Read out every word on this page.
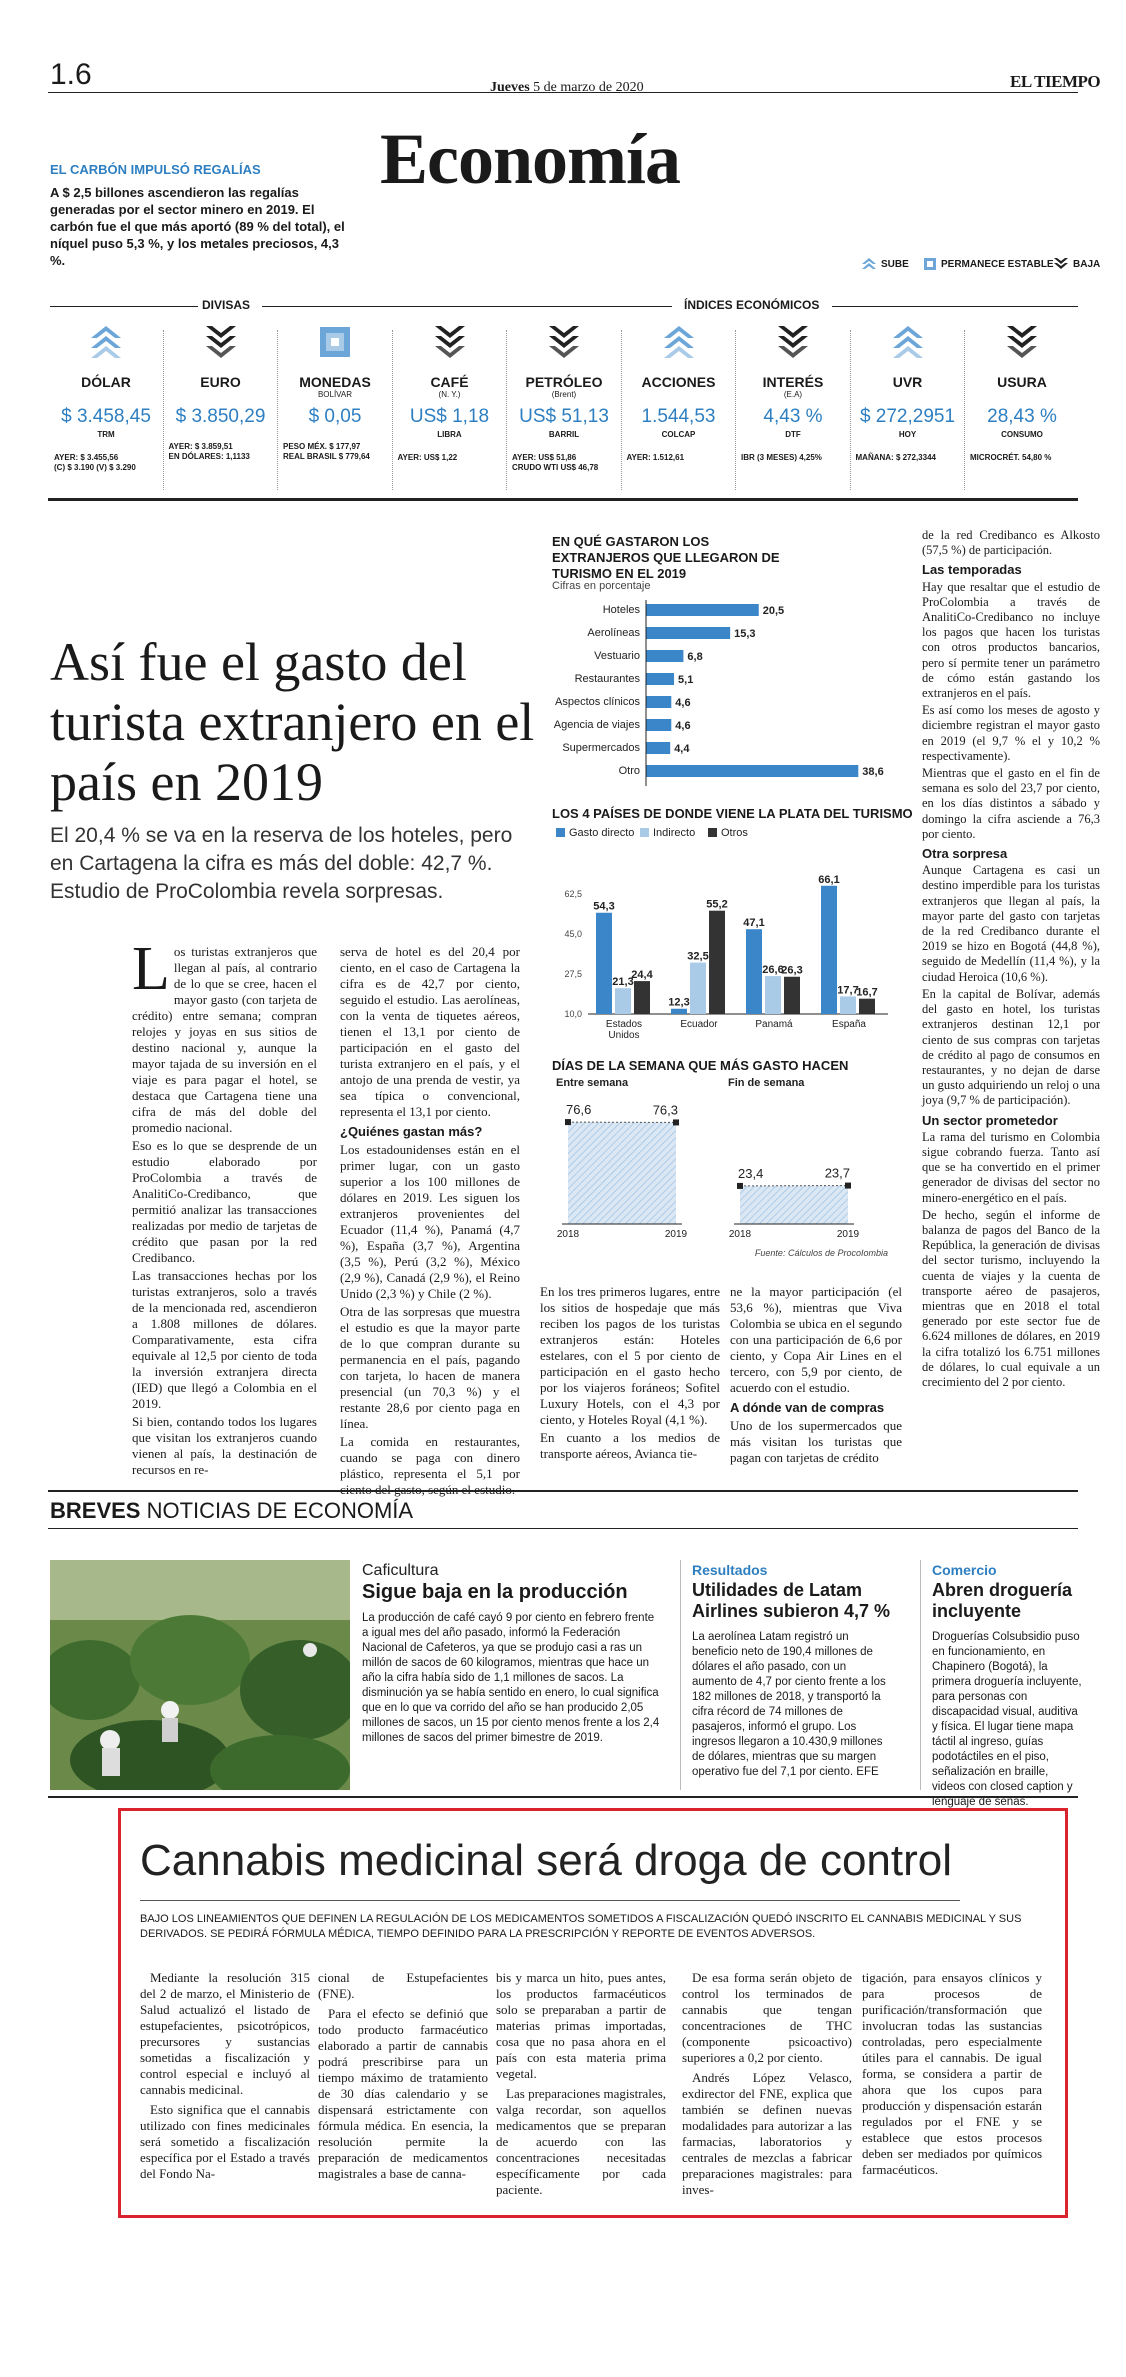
1.6	Jueves 5 de marzo de 2020	EL TIEMPO
Economía
EL CARBÓN IMPULSÓ REGALÍAS
A $ 2,5 billones ascendieron las regalías generadas por el sector minero en 2019. El carbón fue el que más aportó (89 % del total), el níquel puso 5,3 %, y los metales preciosos, 4,3 %.	SUBE	PERMANECE ESTABLE BAJA
DIVISAS	ÍNDICES ECONÓMICOS
DÓLAR
$ 3.458,45
TRM
AYER: $ 3.455,56
(C) $ 3.190 (V) $ 3.290
EURO
$ 3.850,29
AYER: $ 3.859,51
EN DÓLARES: 1,1133
MONEDAS
BOLÍVAR
$ 0,05
PESO MÉX. $ 177,97
REAL BRASIL $ 779,64
CAFÉ
(N. Y.)
US$ 1,18
LIBRA
AYER: US$ 1,22
PETRÓLEO
(Brent)
US$ 51,13
BARRIL
AYER: US$ 51,86
CRUDO WTI US$ 46,78
ACCIONES
1.544,53
COLCAP
AYER: 1.512,61
INTERÉS
(E.A)
4,43 %
DTF
IBR (3 MESES) 4,25%
UVR
$ 272,2951
HOY
MAÑANA: $ 272,3344
USURA
28,43 %
CONSUMO
MICROCRÉT. 54,80 %
Así fue el gasto del turista extranjero en el país en 2019
El 20,4 % se va en la reserva de los hoteles, pero en Cartagena la cifra es más del doble: 42,7 %. Estudio de ProColombia revela sorpresas.
L os turistas extranjeros que llegan al país, al contrario de lo que se cree, hacen el mayor gasto (con tarjeta de crédito) entre semana; compran relojes y joyas en sus sitios de destino nacional y, aunque la mayor tajada de su inversión en el viaje es para pagar el hotel, se destaca que Cartagena tiene una cifra de más del doble del promedio nacional.

Eso es lo que se desprende de un estudio elaborado por ProColombia a través de AnalitiCo-Credibanco, que permitió analizar las transacciones realizadas por medio de tarjetas de crédito que pasan por la red Credibanco.

Las transacciones hechas por los turistas extranjeros, solo a través de la mencionada red, ascendieron a 1.808 millones de dólares. Comparativamente, esta cifra equivale al 12,5 por ciento de toda la inversión extranjera directa (IED) que llegó a Colombia en el 2019.

Si bien, contando todos los lugares que visitan los extranjeros cuando vienen al país, la destinación de recursos en re-

serva de hotel es del 20,4 por ciento, en el caso de Cartagena la cifra es de 42,7 por ciento, seguido el estudio. Las aerolíneas, con la venta de tiquetes aéreos, tienen el 13,1 por ciento de participación en el gasto del turista extranjero en el país, y el antojo de una prenda de vestir, ya sea típica o convencional, representa el 13,1 por ciento.

¿Quiénes gastan más?

Los estadounidenses están en el primer lugar, con un gasto superior a los 100 millones de dólares en 2019. Les siguen los extranjeros provenientes del Ecuador (11,4 %), Panamá (4,7 %), España (3,7 %), Argentina (3,5 %), Perú (3,2 %), México (2,9 %), Canadá (2,9 %), el Reino Unido (2,3 %) y Chile (2 %).

Otra de las sorpresas que muestra el estudio es que la mayor parte de lo que compran durante su permanencia en el país, pagando con tarjeta, lo hacen de manera presencial (un 70,3 %) y el restante 28,6 por ciento paga en línea.

La comida en restaurantes, cuando se paga con dinero plástico, representa el 5,1 por ciento del gasto, según el estudio.

En los tres primeros lugares, entre los sitios de hospedaje que más reciben los pagos de los turistas extranjeros están: Hoteles estelares, con el 5 por ciento de participación en el gasto hecho por los viajeros foráneos; Sofitel Luxury Hotels, con el 4,3 por ciento, y Hoteles Royal (4,1 %).

En cuanto a los medios de transporte aéreos, Avianca tie-

ne la mayor participación (el 53,6 %), mientras que Viva Colombia se ubica en el segundo con una participación de 6,6 por ciento, y Copa Air Lines en el tercero, con 5,9 por ciento, de acuerdo con el estudio.

A dónde van de compras

Uno de los supermercados que más visitan los turistas que pagan con tarjetas de crédito

de la red Credibanco es Alkosto (57,5 %) de participación.

Las temporadas

Hay que resaltar que el estudio de ProColombia a través de AnalitiCo-Credibanco no incluye los pagos que hacen los turistas con otros productos bancarios, pero sí permite tener un parámetro de cómo están gastando los extranjeros en el país.

Es así como los meses de agosto y diciembre registran el mayor gasto en 2019 (el 9,7 % el y 10,2 % respectivamente).

Mientras que el gasto en el fin de semana es solo del 23,7 por ciento, en los días distintos a sábado y domingo la cifra asciende a 76,3 por ciento.

Otra sorpresa

Aunque Cartagena es casi un destino imperdible para los turistas extranjeros que llegan al país, la mayor parte del gasto con tarjetas de la red Credibanco durante el 2019 se hizo en Bogotá (44,8 %), seguido de Medellín (11,4 %), y la ciudad Heroica (10,6 %).

En la capital de Bolívar, además del gasto en hotel, los turistas extranjeros destinan 12,1 por ciento de sus compras con tarjetas de crédito al pago de consumos en restaurantes, y no dejan de darse un gusto adquiriendo un reloj o una joya (9,7 % de participación).

Un sector prometedor

La rama del turismo en Colombia sigue cobrando fuerza. Tanto así que se ha convertido en el primer generador de divisas del sector no minero-energético en el país.

De hecho, según el informe de balanza de pagos del Banco de la República, la generación de divisas del sector turismo, incluyendo la cuenta de viajes y la cuenta de transporte aéreo de pasajeros, mientras que en 2018 el total generado por este sector fue de 6.624 millones de dólares, en 2019 la cifra totalizó los 6.751 millones de dólares, lo cual equivale a un crecimiento del 2 por ciento.

EN QUÉ GASTARON LOS EXTRANJEROS QUE LLEGARON DE TURISMO EN EL 2019
Cifras en porcentaje
Hoteles	20,5
Aerolíneas	15,3
Vestuario	6,8
Restaurantes	5,1
Aspectos clínicos	4,6
Agencia de viajes	4,6
Supermercados	4,4
Otro	38,6
LOS 4 PAÍSES DE DONDE VIENE LA PLATA DEL TURISMO
Gasto directo Indirecto Otros
10,0
27,5
45,0
62,5
54,3
21,3
24,4
Estados
Unidos
12,3
32,5
55,2
Ecuador
47,1
26,6
26,3
Panamá
66,1
17,7
16,7
España
DÍAS DE LA SEMANA QUE MÁS GASTO HACEN
Entre semana
76,6
2018
76,3
2019
Fin de semana
23,4
2018
23,7
2019
Fuente: Cálculos de ProcoIombia
BREVES NOTICIAS DE ECONOMÍA
Caficultura
Sigue baja en la producción
La producción de café cayó 9 por ciento en febrero frente a igual mes del año pasado, informó la Federación Nacional de Cafeteros, ya que se produjo casi a ras un millón de sacos de 60 kilogramos, mientras que hace un año la cifra había sido de 1,1 millones de sacos. La disminución ya se había sentido en enero, lo cual significa que en lo que va corrido del año se han producido 2,05 millones de sacos, un 15 por ciento menos frente a los 2,4 millones de sacos del primer bimestre de 2019.
Resultados
Utilidades de Latam Airlines subieron 4,7 %
La aerolínea Latam registró un beneficio neto de 190,4 millones de dólares el año pasado, con un aumento de 4,7 por ciento frente a los 182 millones de 2018, y transportó la cifra récord de 74 millones de pasajeros, informó el grupo. Los ingresos llegaron a 10.430,9 millones de dólares, mientras que su margen operativo fue del 7,1 por ciento. EFE
Comercio
Abren droguería incluyente
Droguerías Colsubsidio puso en funcionamiento, en Chapinero (Bogotá), la primera droguería incluyente, para personas con discapacidad visual, auditiva y física. El lugar tiene mapa táctil al ingreso, guías podotáctiles en el piso, señalización en braille, videos con closed caption y lenguaje de señas.
Cannabis medicinal será droga de control
BAJO LOS LINEAMIENTOS QUE DEFINEN LA REGULACIÓN DE LOS MEDICAMENTOS SOMETIDOS A FISCALIZACIÓN QUEDÓ INSCRITO EL CANNABIS MEDICINAL Y SUS DERIVADOS. SE PEDIRÁ FÓRMULA MÉDICA, TIEMPO DEFINIDO PARA LA PRESCRIPCIÓN Y REPORTE DE EVENTOS ADVERSOS.

Mediante la resolución 315 del 2 de marzo, el Ministerio de Salud actualizó el listado de estupefacientes, psicotrópicos, precursores y sustancias sometidas a fiscalización y control especial e incluyó al cannabis medicinal.

Esto significa que el cannabis utilizado con fines medicinales será sometido a fiscalización específica por el Estado a través del Fondo Na-

cional de Estupefacientes (FNE).

Para el efecto se definió que todo producto farmacéutico elaborado a partir de cannabis podrá prescribirse para un tiempo máximo de tratamiento de 30 días calendario y se dispensará estrictamente con fórmula médica. En esencia, la resolución permite la preparación de medicamentos magistrales a base de canna-

bis y marca un hito, pues antes, los productos farmacéuticos solo se preparaban a partir de materias primas importadas, cosa que no pasa ahora en el país con esta materia prima vegetal.

Las preparaciones magistrales, valga recordar, son aquellos medicamentos que se preparan de acuerdo con las concentraciones necesitadas específicamente por cada paciente.

De esa forma serán objeto de control los terminados de cannabis que tengan concentraciones de THC (componente psicoactivo) superiores a 0,2 por ciento.

Andrés López Velasco, exdirector del FNE, explica que también se definen nuevas modalidades para autorizar a las farmacias, laboratorios y centrales de mezclas a fabricar preparaciones magistrales: para inves-

tigación, para ensayos clínicos y para procesos de purificación/transformación que involucran todas las sustancias controladas, pero especialmente útiles para el cannabis. De igual forma, se considera a partir de ahora que los cupos para producción y dispensación estarán regulados por el FNE y se establece que estos procesos deben ser mediados por químicos farmacéuticos.
